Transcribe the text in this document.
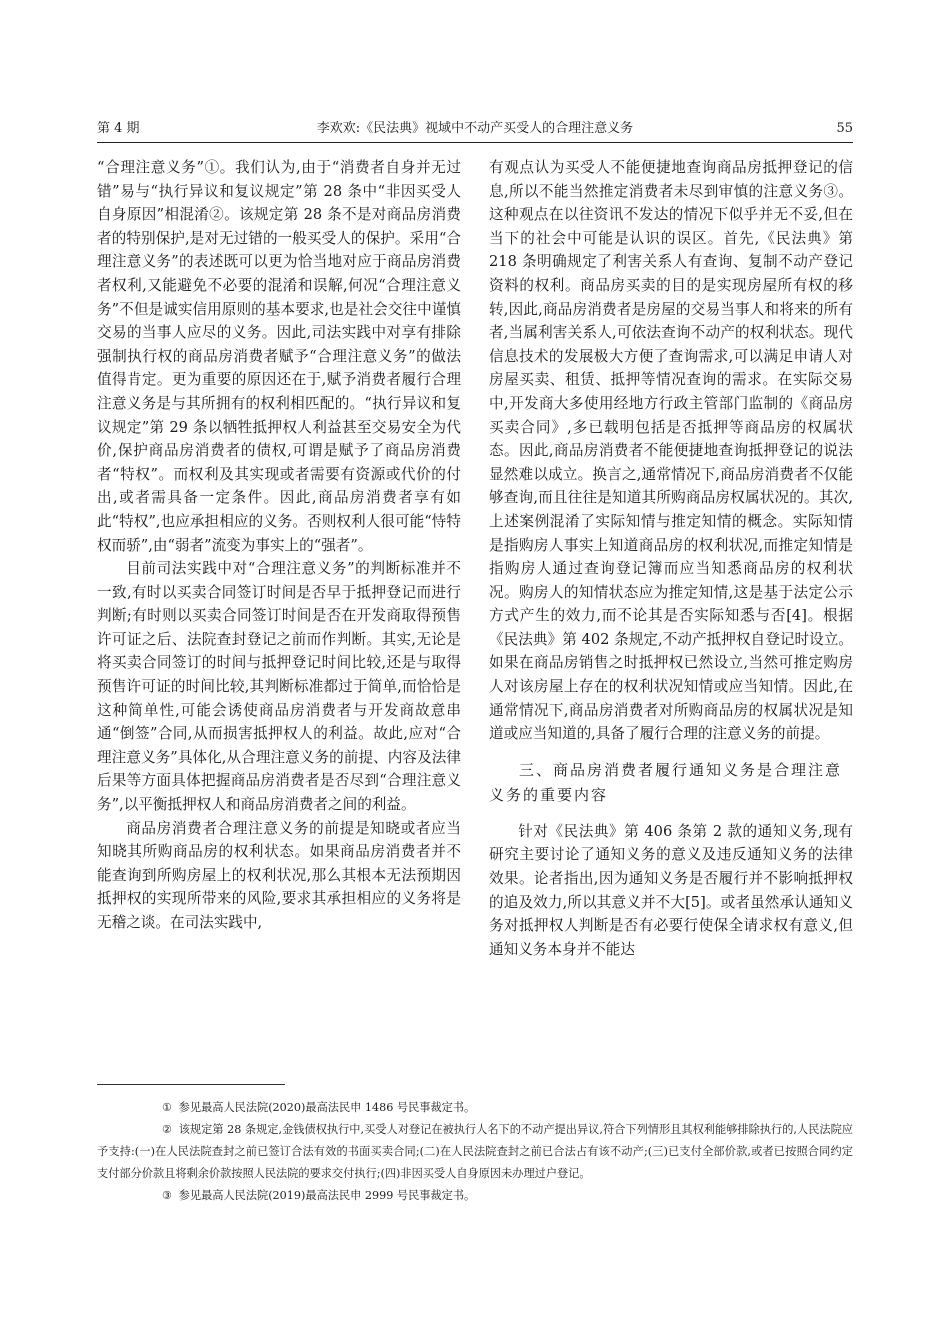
第 4 期	李欢欢:《民法典》视域中不动产买受人的合理注意义务	55

“合理注意义务”①。我们认为,由于“消费者自身并无过错”易与“执行异议和复议规定”第 28 条中“非因买受人自身原因”相混淆②。该规定第 28 条不是对商品房消费者的特别保护,是对无过错的一般买受人的保护。采用“合理注意义务”的表述既可以更为恰当地对应于商品房消费者权利,又能避免不必要的混淆和误解,何况“合理注意义务”不但是诚实信用原则的基本要求,也是社会交往中谨慎交易的当事人应尽的义务。因此,司法实践中对享有排除强制执行权的商品房消费者赋予“合理注意义务”的做法值得肯定。更为重要的原因还在于,赋予消费者履行合理注意义务是与其所拥有的权利相匹配的。“执行异议和复议规定”第 29 条以牺牲抵押权人利益甚至交易安全为代价,保护商品房消费者的债权,可谓是赋予了商品房消费者“特权”。而权利及其实现或者需要有资源或代价的付出,或者需具备一定条件。因此,商品房消费者享有如此“特权”,也应承担相应的义务。否则权利人很可能“恃特权而骄”,由“弱者”流变为事实上的“强者”。

目前司法实践中对“合理注意义务”的判断标准并不一致,有时以买卖合同签订时间是否早于抵押登记而进行判断;有时则以买卖合同签订时间是否在开发商取得预售许可证之后、法院查封登记之前而作判断。其实,无论是将买卖合同签订的时间与抵押登记时间比较,还是与取得预售许可证的时间比较,其判断标准都过于简单,而恰恰是这种简单性,可能会诱使商品房消费者与开发商故意串通“倒签”合同,从而损害抵押权人的利益。故此,应对“合理注意义务”具体化,从合理注意义务的前提、内容及法律后果等方面具体把握商品房消费者是否尽到“合理注意义务”,以平衡抵押权人和商品房消费者之间的利益。

商品房消费者合理注意义务的前提是知晓或者应当知晓其所购商品房的权利状态。如果商品房消费者并不能查询到所购房屋上的权利状况,那么其根本无法预期因抵押权的实现所带来的风险,要求其承担相应的义务将是无稽之谈。在司法实践中,

有观点认为买受人不能便捷地查询商品房抵押登记的信息,所以不能当然推定消费者未尽到审慎的注意义务③。这种观点在以往资讯不发达的情况下似乎并无不妥,但在当下的社会中可能是认识的误区。首先,《民法典》第 218 条明确规定了利害关系人有查询、复制不动产登记资料的权利。商品房买卖的目的是实现房屋所有权的移转,因此,商品房消费者是房屋的交易当事人和将来的所有者,当属利害关系人,可依法查询不动产的权利状态。现代信息技术的发展极大方便了查询需求,可以满足申请人对房屋买卖、租赁、抵押等情况查询的需求。在实际交易中,开发商大多使用经地方行政主管部门监制的《商品房买卖合同》,多已载明包括是否抵押等商品房的权属状态。因此,商品房消费者不能便捷地查询抵押登记的说法显然难以成立。换言之,通常情况下,商品房消费者不仅能够查询,而且往往是知道其所购商品房权属状况的。其次,上述案例混淆了实际知情与推定知情的概念。实际知情是指购房人事实上知道商品房的权利状况,而推定知情是指购房人通过查询登记簿而应当知悉商品房的权利状况。购房人的知情状态应为推定知情,这是基于法定公示方式产生的效力,而不论其是否实际知悉与否[4]。根据《民法典》第 402 条规定,不动产抵押权自登记时设立。如果在商品房销售之时抵押权已然设立,当然可推定购房人对该房屋上存在的权利状况知情或应当知情。因此,在通常情况下,商品房消费者对所购商品房的权属状况是知道或应当知道的,具备了履行合理的注意义务的前提。

三、商品房消费者履行通知义务是合理注意义务的重要内容

针对《民法典》第 406 条第 2 款的通知义务,现有研究主要讨论了通知义务的意义及违反通知义务的法律效果。论者指出,因为通知义务是否履行并不影响抵押权的追及效力,所以其意义并不大[5]。或者虽然承认通知义务对抵押权人判断是否有必要行使保全请求权有意义,但通知义务本身并不能达

① 参见最高人民法院(2020)最高法民申 1486 号民事裁定书。

② 该规定第 28 条规定,金钱债权执行中,买受人对登记在被执行人名下的不动产提出异议,符合下列情形且其权利能够排除执行的,人民法院应予支持:(一)在人民法院查封之前已签订合法有效的书面买卖合同;(二)在人民法院查封之前已合法占有该不动产;(三)已支付全部价款,或者已按照合同约定支付部分价款且将剩余价款按照人民法院的要求交付执行;(四)非因买受人自身原因未办理过户登记。

③ 参见最高人民法院(2019)最高法民申 2999 号民事裁定书。
